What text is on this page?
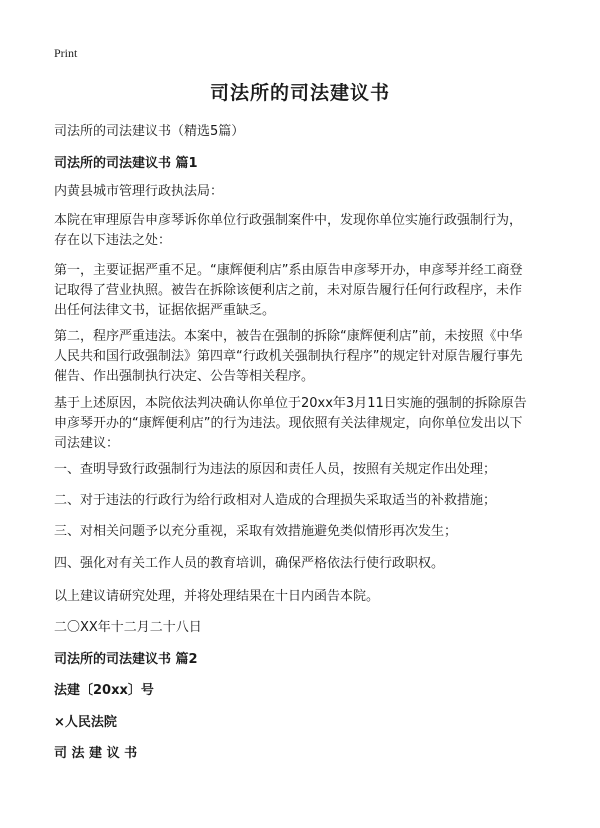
Print
司法所的司法建议书
司法所的司法建议书（精选5篇）
司法所的司法建议书 篇1
内黄县城市管理行政执法局：
本院在审理原告申彦琴诉你单位行政强制案件中，发现你单位实施行政强制行为，
存在以下违法之处：
第一，主要证据严重不足。“康辉便利店”系由原告申彦琴开办，申彦琴并经工商登
记取得了营业执照。被告在拆除该便利店之前，未对原告履行任何行政程序，未作
出任何法律文书，证据依据严重缺乏。
第二，程序严重违法。本案中，被告在强制的拆除“康辉便利店”前，未按照《中华
人民共和国行政强制法》第四章“行政机关强制执行程序”的规定针对原告履行事先
催告、作出强制执行决定、公告等相关程序。
基于上述原因，本院依法判决确认你单位于20xx年3月11日实施的强制的拆除原告
申彦琴开办的“康辉便利店”的行为违法。现依照有关法律规定，向你单位发出以下
司法建议：
一、查明导致行政强制行为违法的原因和责任人员，按照有关规定作出处理；
二、对于违法的行政行为给行政相对人造成的合理损失采取适当的补救措施；
三、对相关问题予以充分重视，采取有效措施避免类似情形再次发生；
四、强化对有关工作人员的教育培训，确保严格依法行使行政职权。
以上建议请研究处理，并将处理结果在十日内函告本院。
二〇XX年十二月二十八日
司法所的司法建议书 篇2
法建〔20xx〕号
×人民法院
司 法 建 议 书
